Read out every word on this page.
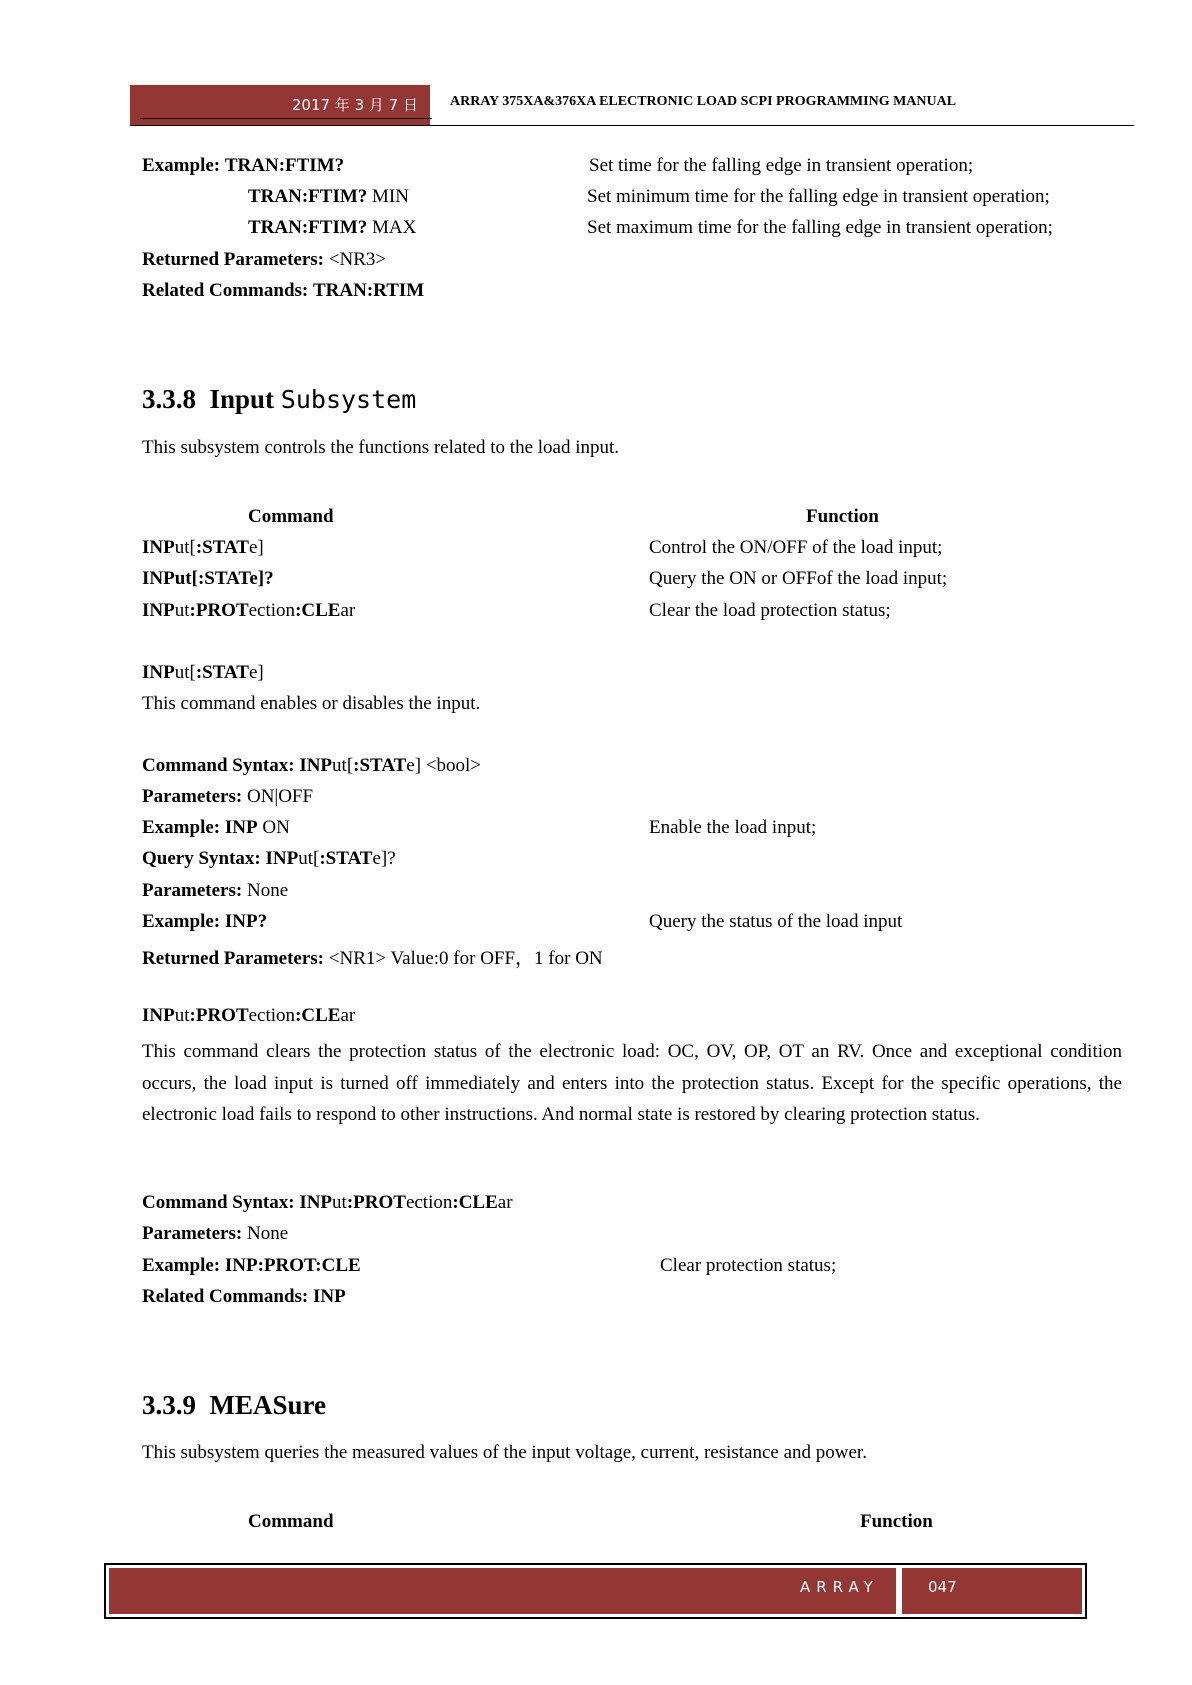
2017 年 3 月 7 日 ARRAY 375XA&376XA ELECTRONIC LOAD SCPI PROGRAMMING MANUAL
Example: TRAN:FTIM?	Set time for the falling edge in transient operation;
TRAN:FTIM? MIN	Set minimum time for the falling edge in transient operation;
TRAN:FTIM? MAX	Set maximum time for the falling edge in transient operation;
Returned Parameters: <NR3>
Related Commands: TRAN:RTIM
3.3.8 Input Subsystem
This subsystem controls the functions related to the load input.
Command	Function
INPut[:STATe]	Control the ON/OFF of the load input;
INPut[:STATe]?	Query the ON or OFFof the load input;
INPut:PROTection:CLEar	Clear the load protection status;
INPut[:STATe]
This command enables or disables the input.
Command Syntax: INPut[:STATe] <bool>
Parameters: ON|OFF
Example: INP ON	Enable the load input;
Query Syntax: INPut[:STATe]?
Parameters: None
Example: INP?	Query the status of the load input
Returned Parameters: <NR1> Value:0 for OFF，1 for ON
INPut:PROTection:CLEar
This command clears the protection status of the electronic load: OC, OV, OP, OT an RV. Once and exceptional condition occurs, the load input is turned off immediately and enters into the protection status. Except for the specific operations, the electronic load fails to respond to other instructions. And normal state is restored by clearing protection status.
Command Syntax: INPut:PROTection:CLEar
Parameters: None
Example: INP:PROT:CLE	Clear protection status;
Related Commands: INP
3.3.9 MEASure
This subsystem queries the measured values of the input voltage, current, resistance and power.
Command	Function
ARRAY	047
